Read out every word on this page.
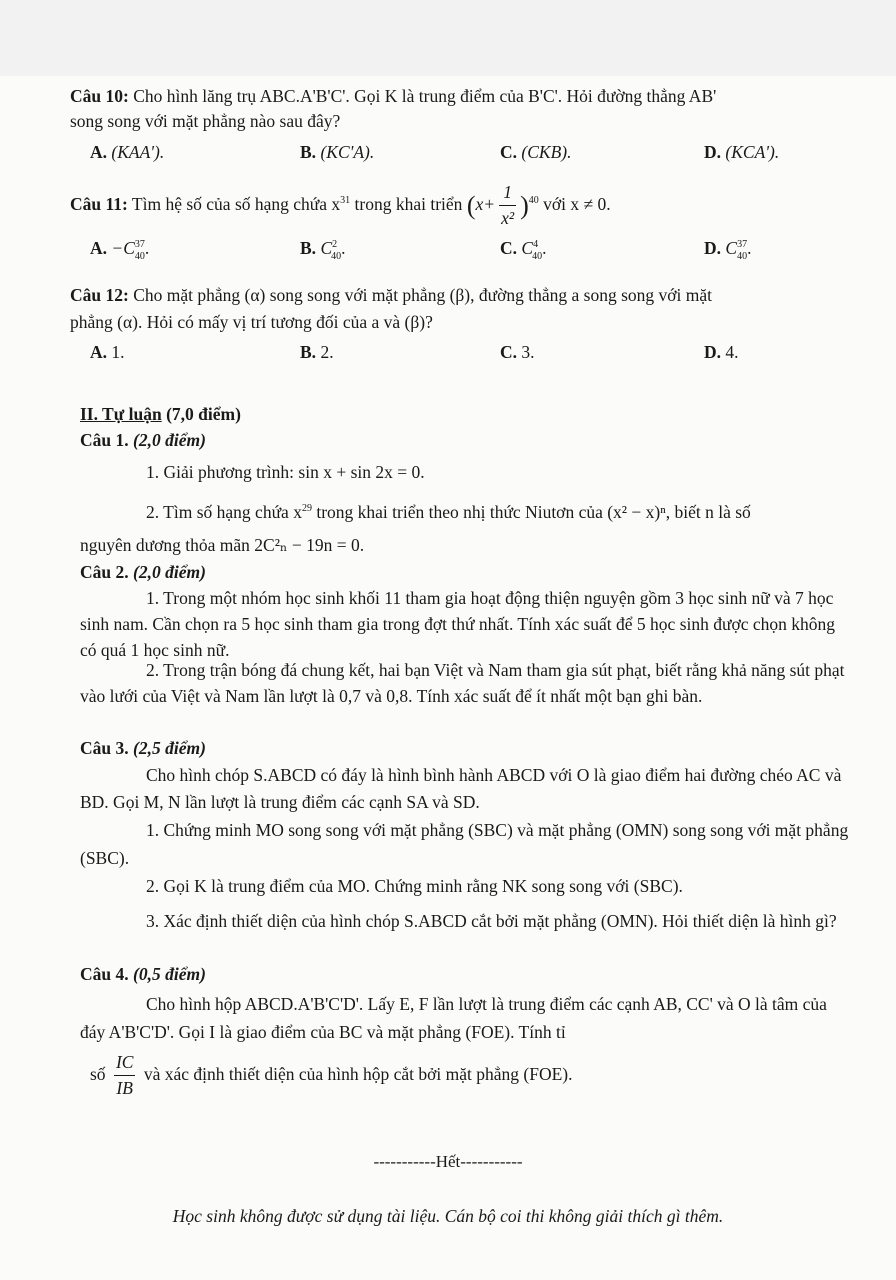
Câu 10: Cho hình lăng trụ ABC.A'B'C'. Gọi K là trung điểm của B'C'. Hỏi đường thẳng AB'
song song với mặt phẳng nào sau đây?
A. (KAA').	B. (KC'A).	C. (CKB).	D. (KCA').
Câu 11: Tìm hệ số của số hạng chứa $x^{31}$ trong khai triển $(x+ \frac{1}{\text{x²}} )^{40}$ với x ≠ 0.
A. $-C^{37}_{40}$.	B. $C^2_{40}$.	C. $C^4_{40}$.	D. $C^{37}_{40}$.
Câu 12: Cho mặt phẳng (α) song song với mặt phẳng (β), đường thẳng a song song với mặt
phẳng (α). Hỏi có mấy vị trí tương đối của a và (β)?
A. 1.	B. 2.	C. 3.	D. 4.
II. Tự luận (7,0 điểm)
Câu 1. (2,0 điểm)
1. Giải phương trình: sin x + sin 2x = 0.
2. Tìm số hạng chứa $x^{29}$ trong khai triển theo nhị thức Niutơn của (x² − x)ⁿ, biết n là số
nguyên dương thỏa mãn 2C²ₙ − 19n = 0.
Câu 2. (2,0 điểm)
1. Trong một nhóm học sinh khối 11 tham gia hoạt động thiện nguyện gồm 3 học sinh nữ và 7 học sinh nam. Cần chọn ra 5 học sinh tham gia trong đợt thứ nhất. Tính xác suất để 5 học sinh được chọn không có quá 1 học sinh nữ.
2. Trong trận bóng đá chung kết, hai bạn Việt và Nam tham gia sút phạt, biết rằng khả năng sút phạt vào lưới của Việt và Nam lần lượt là 0,7 và 0,8. Tính xác suất để ít nhất một bạn ghi bàn.
Câu 3. (2,5 điểm)
Cho hình chóp S.ABCD có đáy là hình bình hành ABCD với O là giao điểm hai đường chéo AC và BD. Gọi M, N lần lượt là trung điểm các cạnh SA và SD.
1. Chứng minh MO song song với mặt phẳng (SBC) và mặt phẳng (OMN) song song với mặt phẳng (SBC).
2. Gọi K là trung điểm của MO. Chứng minh rằng NK song song với (SBC).
3. Xác định thiết diện của hình chóp S.ABCD cắt bởi mặt phẳng (OMN). Hỏi thiết diện là hình gì?
Câu 4. (0,5 điểm)
Cho hình hộp ABCD.A'B'C'D'. Lấy E, F lần lượt là trung điểm các cạnh AB, CC' và O là tâm của đáy A'B'C'D'. Gọi I là giao điểm của BC và mặt phẳng (FOE). Tính tỉ
số $\frac{IC}{IB}$ và xác định thiết diện của hình hộp cắt bởi mặt phẳng (FOE).
-----------Hết-----------
Học sinh không được sử dụng tài liệu. Cán bộ coi thi không giải thích gì thêm.
